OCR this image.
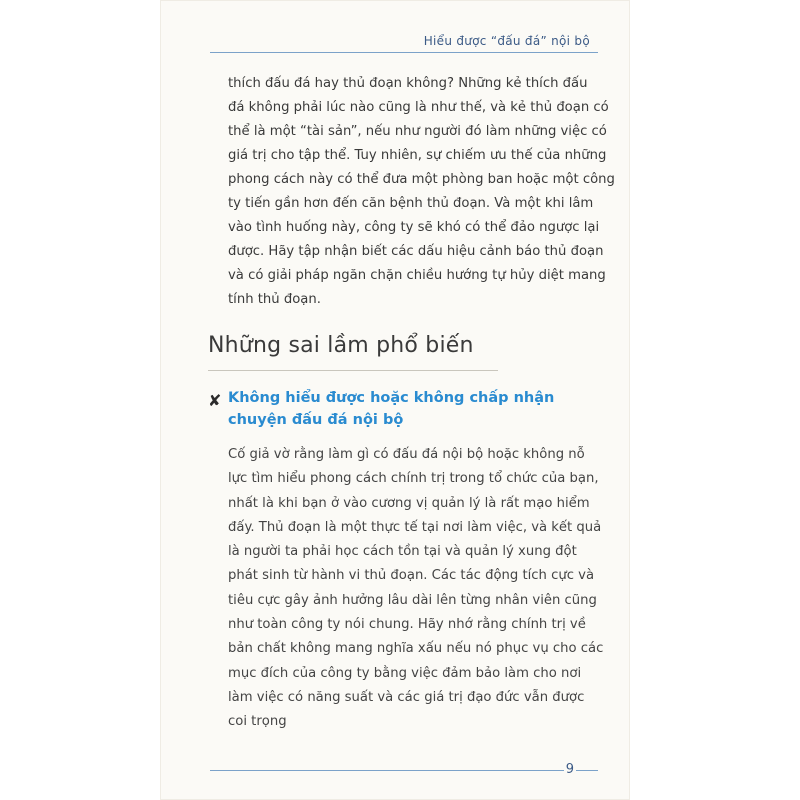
Hiểu được “đấu đá” nội bộ
thích đấu đá hay thủ đoạn không? Những kẻ thích đấu
đá không phải lúc nào cũng là như thế, và kẻ thủ đoạn có
thể là một “tài sản”, nếu như người đó làm những việc có
giá trị cho tập thể. Tuy nhiên, sự chiếm ưu thế của những
phong cách này có thể đưa một phòng ban hoặc một công
ty tiến gần hơn đến căn bệnh thủ đoạn. Và một khi lâm
vào tình huống này, công ty sẽ khó có thể đảo ngược lại
được. Hãy tập nhận biết các dấu hiệu cảnh báo thủ đoạn
và có giải pháp ngăn chặn chiều hướng tự hủy diệt mang
tính thủ đoạn.
Những sai lầm phổ biến
✘ Không hiểu được hoặc không chấp nhận
chuyện đấu đá nội bộ
Cố giả vờ rằng làm gì có đấu đá nội bộ hoặc không nỗ
lực tìm hiểu phong cách chính trị trong tổ chức của bạn,
nhất là khi bạn ở vào cương vị quản lý là rất mạo hiểm
đấy. Thủ đoạn là một thực tế tại nơi làm việc, và kết quả
là người ta phải học cách tồn tại và quản lý xung đột
phát sinh từ hành vi thủ đoạn. Các tác động tích cực và
tiêu cực gây ảnh hưởng lâu dài lên từng nhân viên cũng
như toàn công ty nói chung. Hãy nhớ rằng chính trị về
bản chất không mang nghĩa xấu nếu nó phục vụ cho các
mục đích của công ty bằng việc đảm bảo làm cho nơi
làm việc có năng suất và các giá trị đạo đức vẫn được
coi trọng
9
